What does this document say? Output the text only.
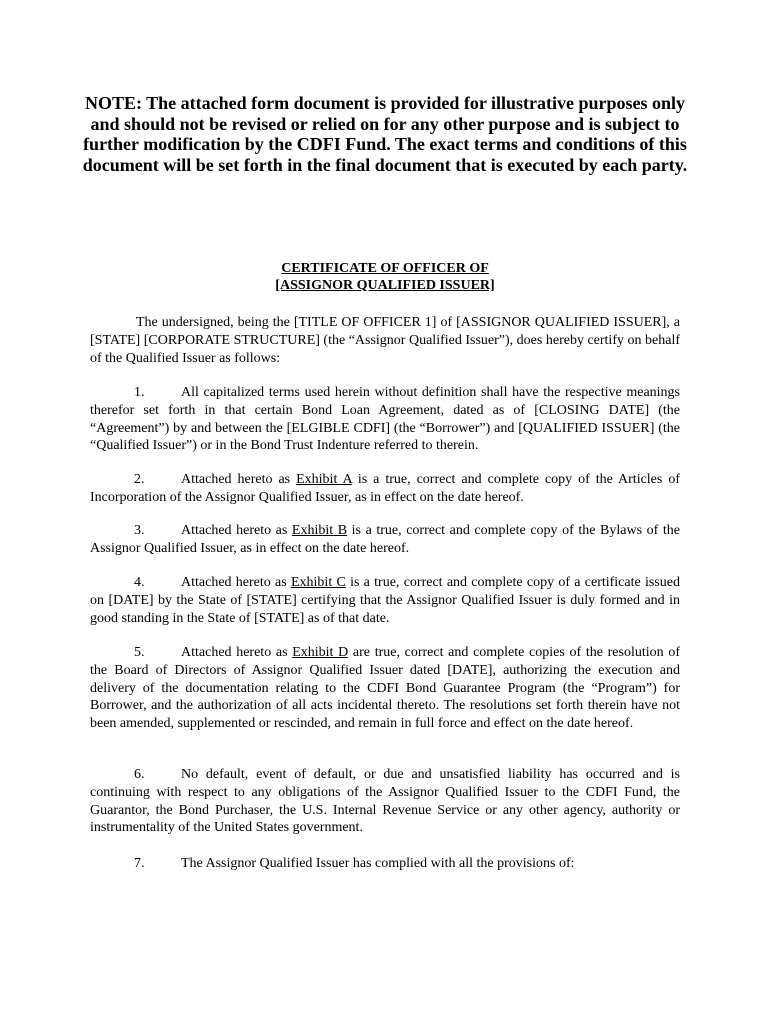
NOTE: The attached form document is provided for illustrative purposes only and should not be revised or relied on for any other purpose and is subject to further modification by the CDFI Fund. The exact terms and conditions of this document will be set forth in the final document that is executed by each party.
CERTIFICATE OF OFFICER OF
[ASSIGNOR QUALIFIED ISSUER]

The undersigned, being the [TITLE OF OFFICER 1] of [ASSIGNOR QUALIFIED ISSUER], a [STATE] [CORPORATE STRUCTURE] (the “Assignor Qualified Issuer”), does hereby certify on behalf of the Qualified Issuer as follows:

1.	All capitalized terms used herein without definition shall have the respective meanings therefor set forth in that certain Bond Loan Agreement, dated as of [CLOSING DATE] (the “Agreement”) by and between the [ELGIBLE CDFI] (the “Borrower”) and [QUALIFIED ISSUER] (the “Qualified Issuer”) or in the Bond Trust Indenture referred to therein.

2.	Attached hereto as Exhibit A is a true, correct and complete copy of the Articles of Incorporation of the Assignor Qualified Issuer, as in effect on the date hereof.

3.	Attached hereto as Exhibit B is a true, correct and complete copy of the Bylaws of the Assignor Qualified Issuer, as in effect on the date hereof.

4.	Attached hereto as Exhibit C is a true, correct and complete copy of a certificate issued on [DATE] by the State of [STATE] certifying that the Assignor Qualified Issuer is duly formed and in good standing in the State of [STATE] as of that date.

5.	Attached hereto as Exhibit D are true, correct and complete copies of the resolution of the Board of Directors of Assignor Qualified Issuer dated [DATE], authorizing the execution and delivery of the documentation relating to the CDFI Bond Guarantee Program (the “Program”) for Borrower, and the authorization of all acts incidental thereto. The resolutions set forth therein have not been amended, supplemented or rescinded, and remain in full force and effect on the date hereof.

6.	No default, event of default, or due and unsatisfied liability has occurred and is continuing with respect to any obligations of the Assignor Qualified Issuer to the CDFI Fund, the Guarantor, the Bond Purchaser, the U.S. Internal Revenue Service or any other agency, authority or instrumentality of the United States government.

7.	The Assignor Qualified Issuer has complied with all the provisions of:
